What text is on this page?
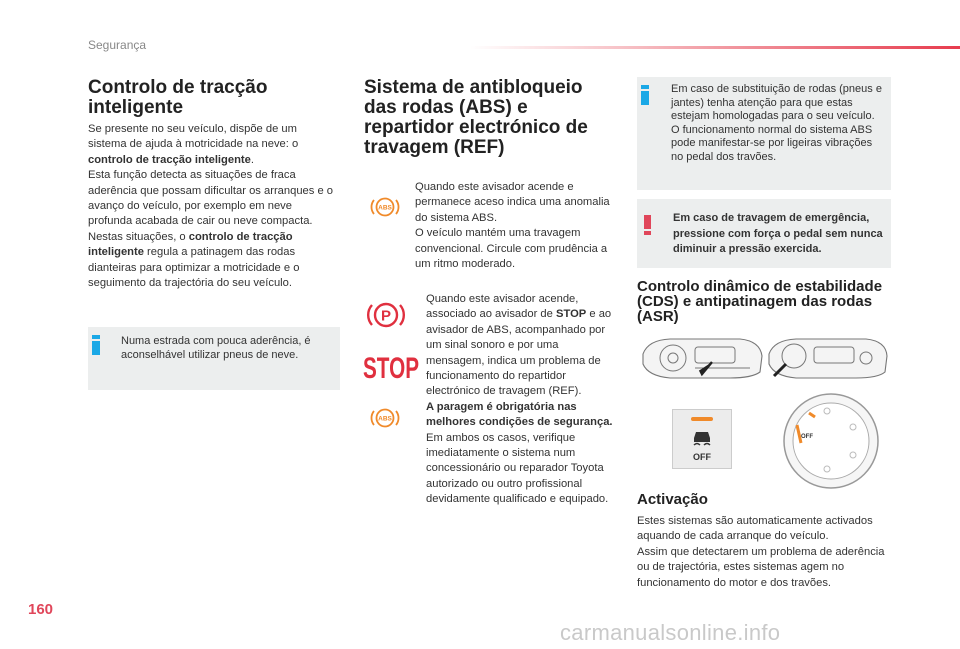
Segurança
Controlo de tracção inteligente
Se presente no seu veículo, dispõe de um sistema de ajuda à motricidade na neve: o controlo de tracção inteligente.
Esta função detecta as situações de fraca aderência que possam dificultar os arranques e o avanço do veículo, por exemplo em neve profunda acabada de cair ou neve compacta.
Nestas situações, o controlo de tracção inteligente regula a patinagem das rodas dianteiras para optimizar a motricidade e o seguimento da trajectória do seu veículo.
Numa estrada com pouca aderência, é aconselhável utilizar pneus de neve.
Sistema de antibloqueio das rodas (ABS) e repartidor electrónico de travagem (REF)
ABS
Quando este avisador acende e permanece aceso indica uma anomalia do sistema ABS.
O veículo mantém uma travagem convencional. Circule com prudência a um ritmo moderado.
P
STOP
ABS
Quando este avisador acende, associado ao avisador de STOP e ao avisador de ABS, acompanhado por um sinal sonoro e por uma mensagem, indica um problema de funcionamento do repartidor electrónico de travagem (REF).
A paragem é obrigatória nas melhores condições de segurança.
Em ambos os casos, verifique imediatamente o sistema num concessionário ou reparador Toyota autorizado ou outro profissional devidamente qualificado e equipado.
Em caso de substituição de rodas (pneus e jantes) tenha atenção para que estas estejam homologadas para o seu veículo.
O funcionamento normal do sistema ABS pode manifestar-se por ligeiras vibrações no pedal dos travões.
Em caso de travagem de emergência, pressione com força o pedal sem nunca diminuir a pressão exercida.
Controlo dinâmico de estabilidade (CDS) e antipatinagem das rodas (ASR)
OFF
OFF
Activação
Estes sistemas são automaticamente activados aquando de cada arranque do veículo.
Assim que detectarem um problema de aderência ou de trajectória, estes sistemas agem no funcionamento do motor e dos travões.
160
carmanualsonline.info
